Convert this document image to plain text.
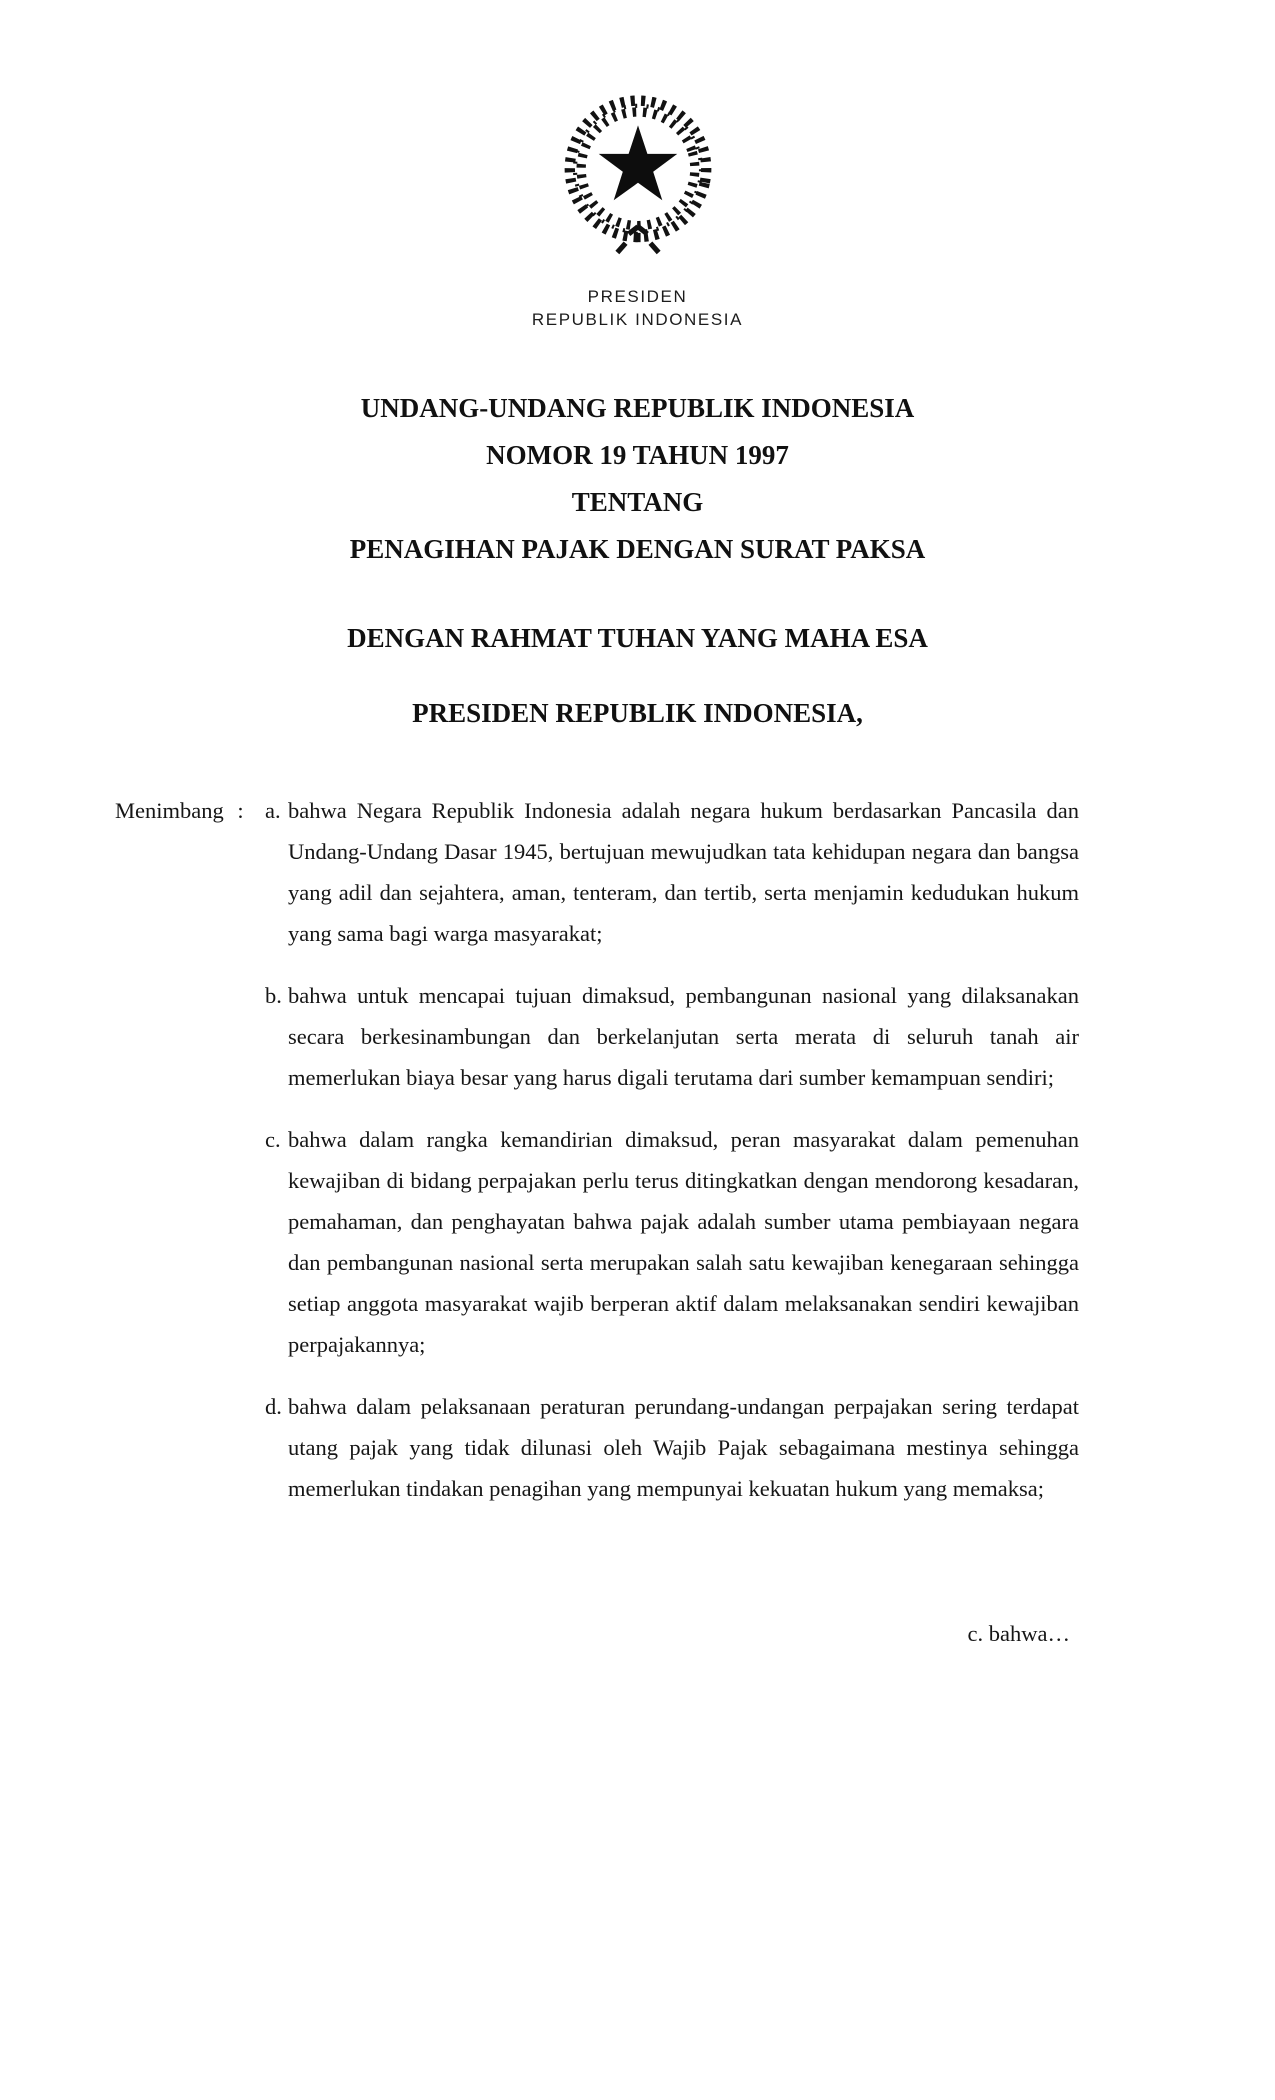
PRESIDEN
REPUBLIK INDONESIA
UNDANG-UNDANG REPUBLIK INDONESIA
NOMOR 19 TAHUN 1997
TENTANG
PENAGIHAN PAJAK DENGAN SURAT PAKSA
DENGAN RAHMAT TUHAN YANG MAHA ESA
PRESIDEN REPUBLIK INDONESIA,
Menimbang : a. bahwa Negara Republik Indonesia adalah negara hukum berdasarkan Pancasila dan Undang-Undang Dasar 1945, bertujuan mewujudkan tata kehidupan negara dan bangsa yang adil dan sejahtera, aman, tenteram, dan tertib, serta menjamin kedudukan hukum yang sama bagi warga masyarakat;
b. bahwa untuk mencapai tujuan dimaksud, pembangunan nasional yang dilaksanakan secara berkesinambungan dan berkelanjutan serta merata di seluruh tanah air memerlukan biaya besar yang harus digali terutama dari sumber kemampuan sendiri;
c. bahwa dalam rangka kemandirian dimaksud, peran masyarakat dalam pemenuhan kewajiban di bidang perpajakan perlu terus ditingkatkan dengan mendorong kesadaran, pemahaman, dan penghayatan bahwa pajak adalah sumber utama pembiayaan negara dan pembangunan nasional serta merupakan salah satu kewajiban kenegaraan sehingga setiap anggota masyarakat wajib berperan aktif dalam melaksanakan sendiri kewajiban perpajakannya;
d. bahwa dalam pelaksanaan peraturan perundang-undangan perpajakan sering terdapat utang pajak yang tidak dilunasi oleh Wajib Pajak sebagaimana mestinya sehingga memerlukan tindakan penagihan yang mempunyai kekuatan hukum yang memaksa;
c. bahwa…
